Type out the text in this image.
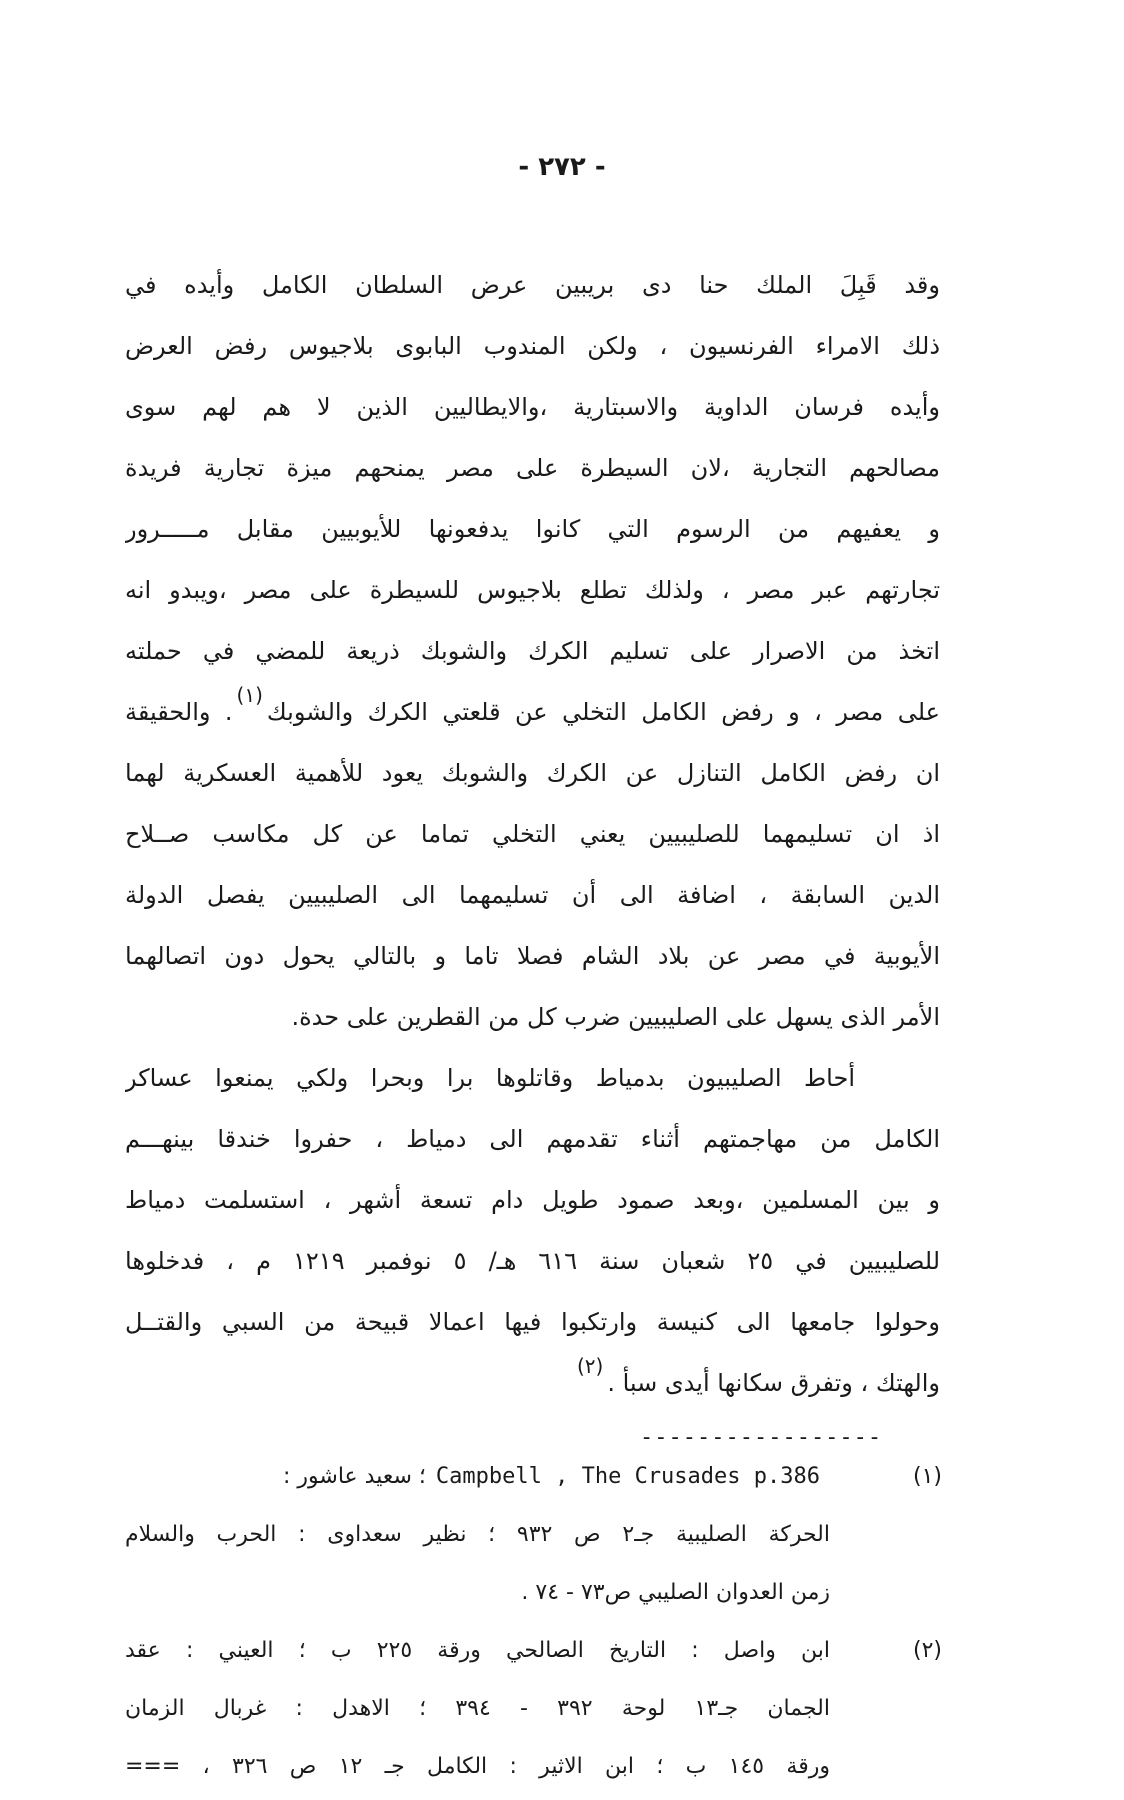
- ٢٧٢ -
وقد قَبِلَ الملك حنا دى بريبين عرض السلطان الكامل وأيده في
ذلك الامراء الفرنسيون ، ولكن المندوب البابوى بلاجيوس رفض العرض
وأيده فرسان الداوية والاسبتارية ،والايطاليين الذين لا هم لهم سوى
مصالحهم التجارية ،لان السيطرة على مصر يمنحهم ميزة تجارية فريدة
و يعفيهم من الرسوم التي كانوا يدفعونها للأيوبيين مقابل مـــــرور
تجارتهم عبر مصر ، ولذلك تطلع بلاجيوس للسيطرة على مصر ،ويبدو انه
اتخذ من الاصرار على تسليم الكرك والشوبك ذريعة للمضي في حملته
على مصر ، و رفض الكامل التخلي عن قلعتي الكرك والشوبك$^{(١)}$. والحقيقة
ان رفض الكامل التنازل عن الكرك والشوبك يعود للأهمية العسكرية لهما
اذ ان تسليمهما للصليبيين يعني التخلي تماما عن كل مكاسب صــلاح
الدين السابقة ، اضافة الى أن تسليمهما الى الصليبيين يفصل الدولة
الأيوبية في مصر عن بلاد الشام فصلا تاما و بالتالي يحول دون اتصالهما
الأمر الذى يسهل على الصليبيين ضرب كل من القطرين على حدة.
أحاط الصليبيون بدمياط وقاتلوها برا وبحرا ولكي يمنعوا عساكر
الكامل من مهاجمتهم أثناء تقدمهم الى دمياط ، حفروا خندقا بينهـــم
و بين المسلمين ،وبعد صمود طويل دام تسعة أشهر ، استسلمت دمياط
للصليبيين في ٢٥ شعبان سنة ٦١٦ هـ/ ٥ نوفمبر ١٢١٩ م ، فدخلوها
وحولوا جامعها الى كنيسة وارتكبوا فيها اعمالا قبيحة من السبي والقتــل
والهتك ، وتفرق سكانها أيدى سبأ .$^{(٢)}$
-----------------
(١)
Campbell , The Crusades p.386؛ سعيد عاشور :
الحركة الصليبية جـ٢ ص ٩٣٢ ؛ نظير سعداوى : الحرب والسلام
زمن العدوان الصليبي ص٧٣ - ٧٤ .
(٢)
ابن واصل : التاريخ الصالحي ورقة ٢٢٥ ب ؛ العيني : عقد
الجمان جـ١٣ لوحة ٣٩٢ - ٣٩٤ ؛ الاهدل : غربال الزمان
ورقة ١٤٥ ب ؛ ابن الاثير : الكامل جـ ١٢ ص ٣٢٦ ، ===
